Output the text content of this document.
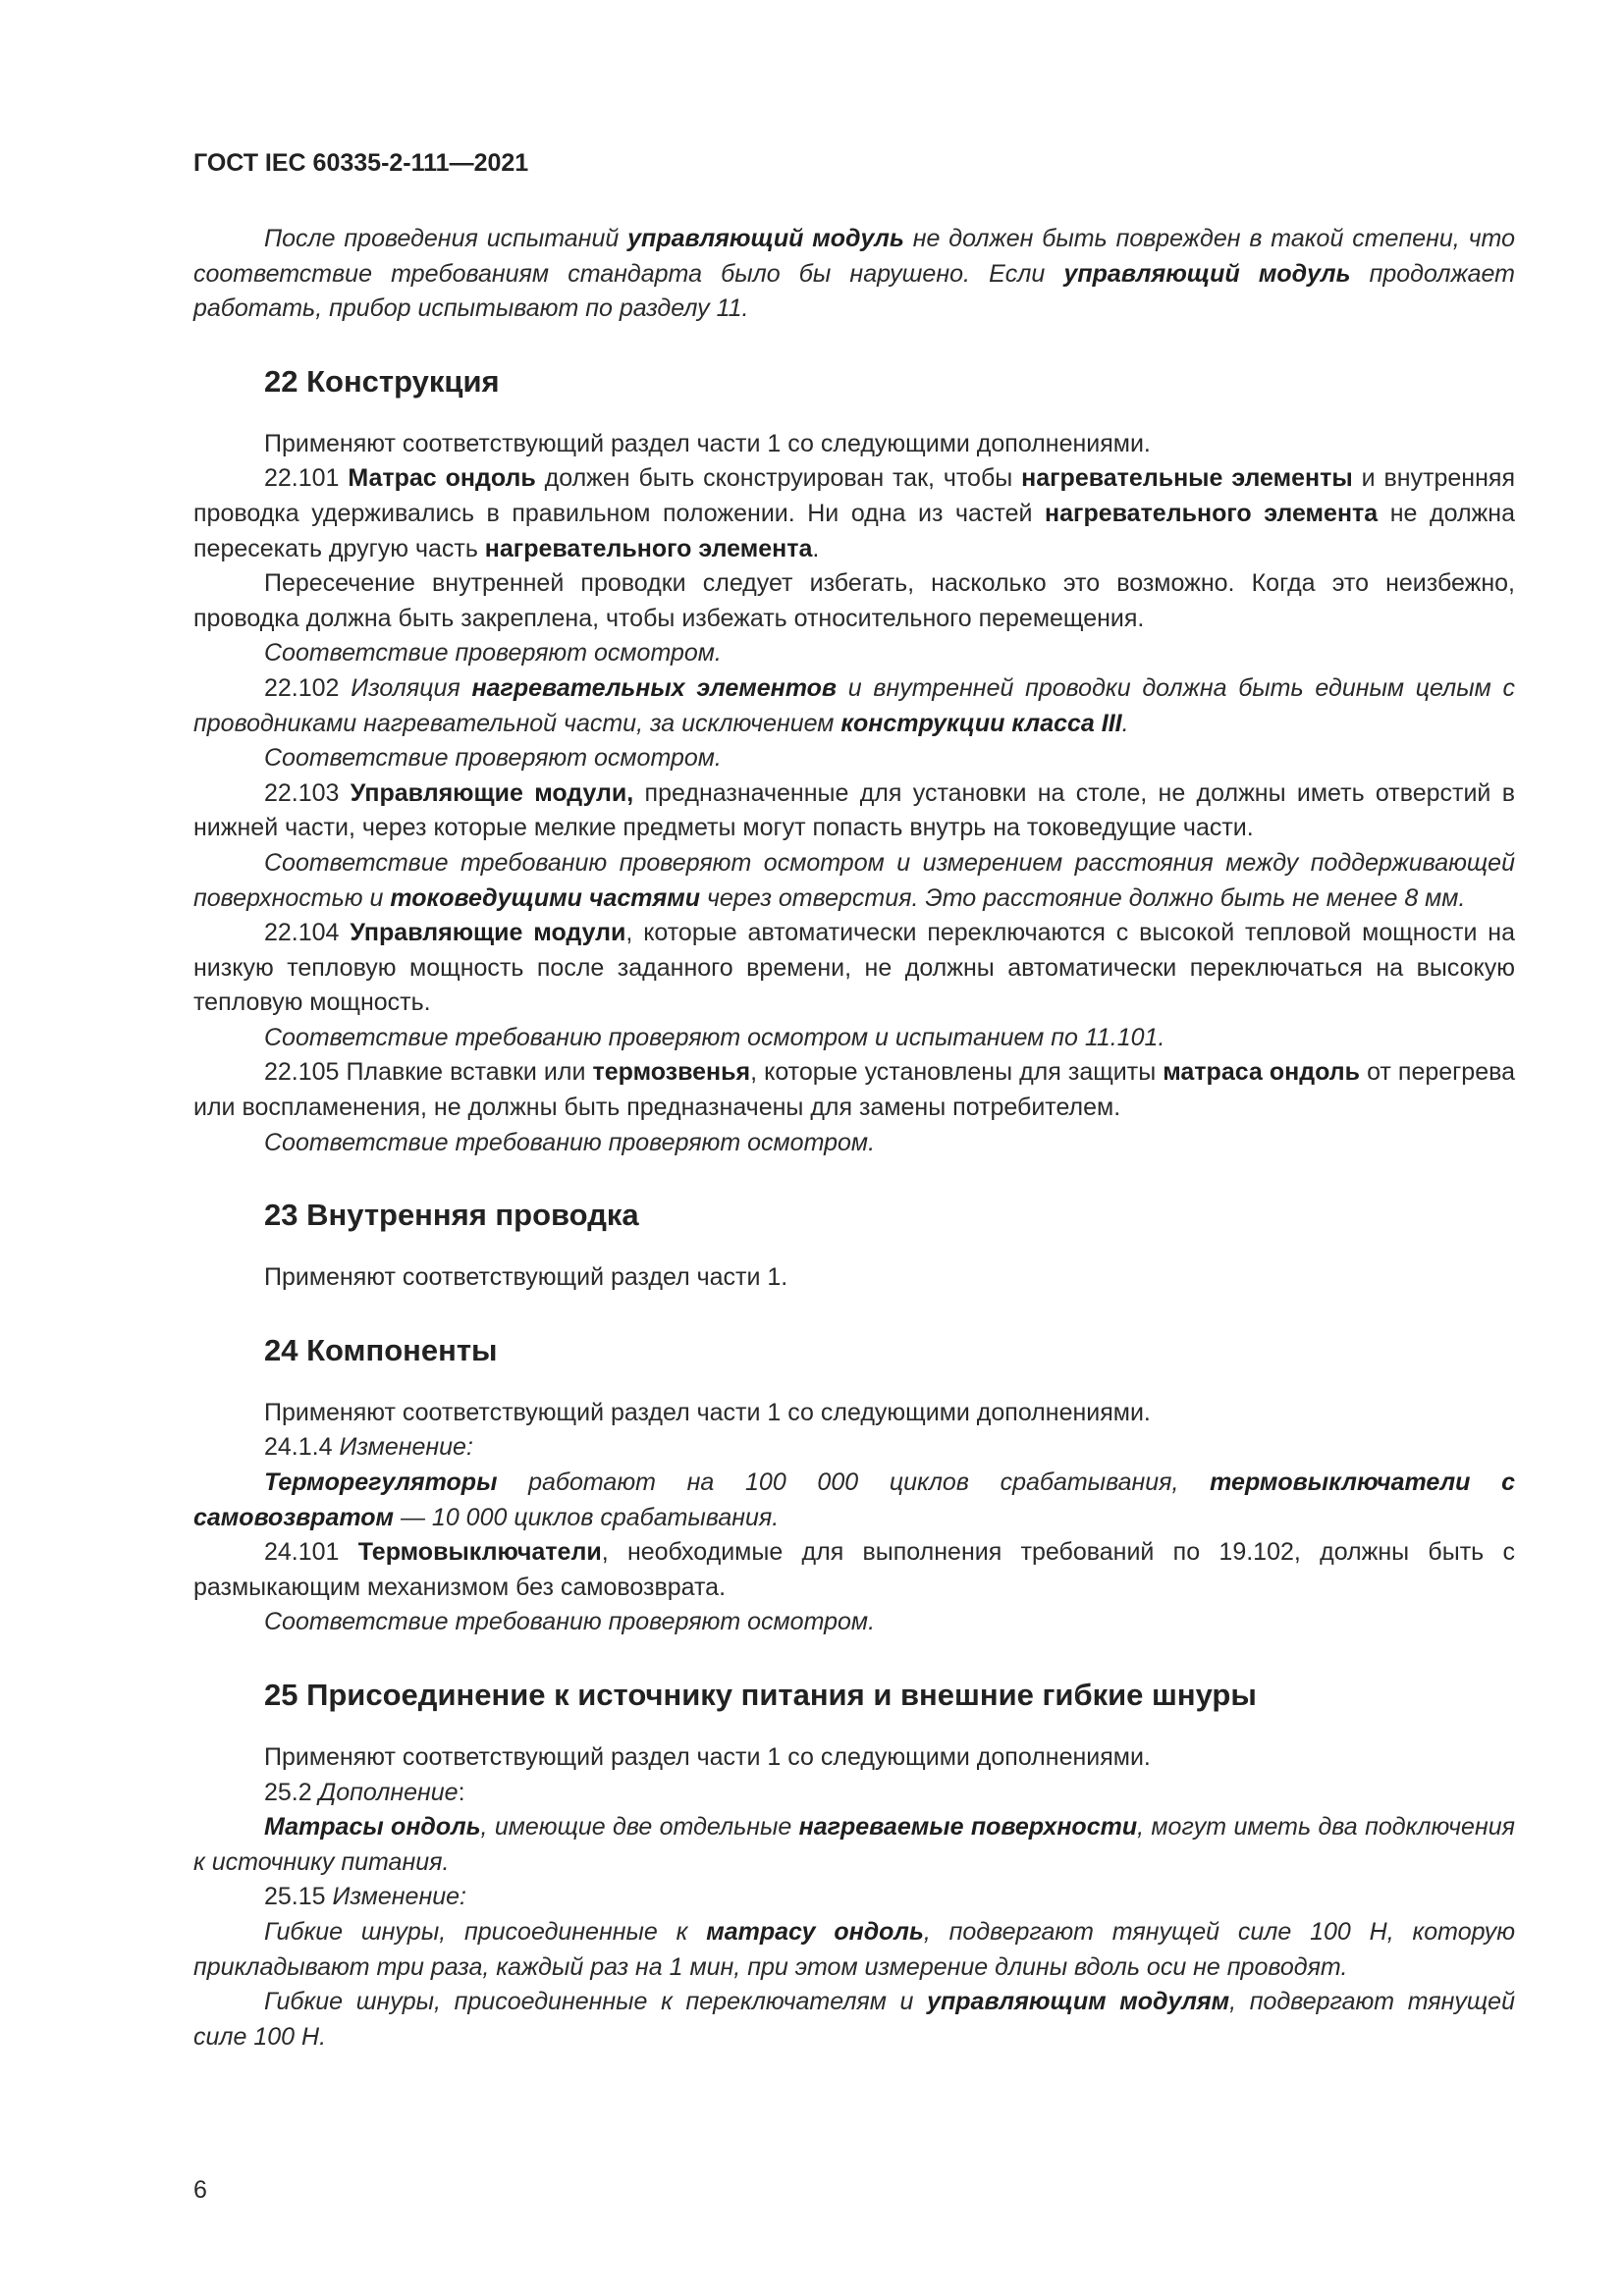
ГОСТ IEC 60335-2-111—2021

После проведения испытаний управляющий модуль не должен быть поврежден в такой степени, что соответствие требованиям стандарта было бы нарушено. Если управляющий модуль продолжает работать, прибор испытывают по разделу 11.

22 Конструкция

Применяют соответствующий раздел части 1 со следующими дополнениями.

22.101 Матрас ондоль должен быть сконструирован так, чтобы нагревательные элементы и внутренняя проводка удерживались в правильном положении. Ни одна из частей нагревательного элемента не должна пересекать другую часть нагревательного элемента.

Пересечение внутренней проводки следует избегать, насколько это возможно. Когда это неизбежно, проводка должна быть закреплена, чтобы избежать относительного перемещения.

Соответствие проверяют осмотром.

22.102 Изоляция нагревательных элементов и внутренней проводки должна быть единым целым с проводниками нагревательной части, за исключением конструкции класса III.

Соответствие проверяют осмотром.

22.103 Управляющие модули, предназначенные для установки на столе, не должны иметь отверстий в нижней части, через которые мелкие предметы могут попасть внутрь на токоведущие части.

Соответствие требованию проверяют осмотром и измерением расстояния между поддерживающей поверхностью и токоведущими частями через отверстия. Это расстояние должно быть не менее 8 мм.

22.104 Управляющие модули, которые автоматически переключаются с высокой тепловой мощности на низкую тепловую мощность после заданного времени, не должны автоматически переключаться на высокую тепловую мощность.

Соответствие требованию проверяют осмотром и испытанием по 11.101.

22.105 Плавкие вставки или термозвенья, которые установлены для защиты матраса ондоль от перегрева или воспламенения, не должны быть предназначены для замены потребителем.

Соответствие требованию проверяют осмотром.

23 Внутренняя проводка

Применяют соответствующий раздел части 1.

24 Компоненты

Применяют соответствующий раздел части 1 со следующими дополнениями.

24.1.4 Изменение:

Терморегуляторы работают на 100 000 циклов срабатывания, термовыключатели с самовозвратом — 10 000 циклов срабатывания.

24.101 Термовыключатели, необходимые для выполнения требований по 19.102, должны быть с размыкающим механизмом без самовозврата.

Соответствие требованию проверяют осмотром.

25 Присоединение к источнику питания и внешние гибкие шнуры

Применяют соответствующий раздел части 1 со следующими дополнениями.

25.2 Дополнение:

Матрасы ондоль, имеющие две отдельные нагреваемые поверхности, могут иметь два подключения к источнику питания.

25.15 Изменение:

Гибкие шнуры, присоединенные к матрасу ондоль, подвергают тянущей силе 100 Н, которую прикладывают три раза, каждый раз на 1 мин, при этом измерение длины вдоль оси не проводят.

Гибкие шнуры, присоединенные к переключателям и управляющим модулям, подвергают тянущей силе 100 Н.

6
